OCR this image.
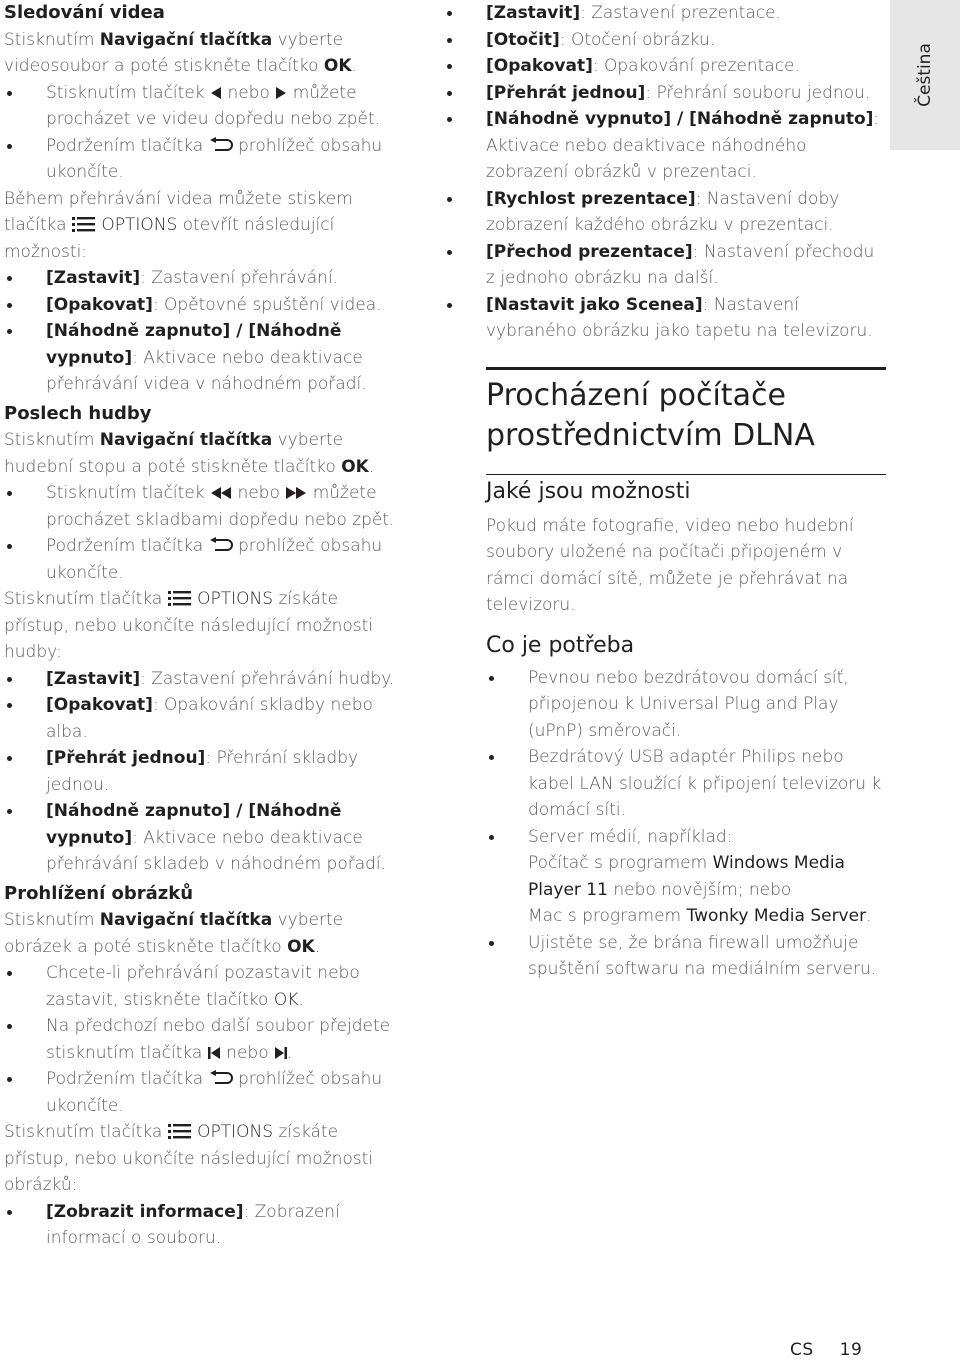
Sledování videa
Stisknutím Navigační tlačítka vyberte videosoubor a poté stiskněte tlačítko OK.
Stisknutím tlačítek nebo můžete procházet ve videu dopředu nebo zpět.
Podržením tlačítka prohlížeč obsahu ukončíte.
Během přehrávání videa můžete stiskem tlačítka OPTIONS otevřít následující možnosti:
[Zastavit]: Zastavení přehrávání.
[Opakovat]: Opětovné spuštění videa.
[Náhodně zapnuto] / [Náhodně vypnuto]: Aktivace nebo deaktivace přehrávání videa v náhodném pořadí.
Poslech hudby
Stisknutím Navigační tlačítka vyberte hudební stopu a poté stiskněte tlačítko OK.
Stisknutím tlačítek nebo můžete procházet skladbami dopředu nebo zpět.
Podržením tlačítka prohlížeč obsahu ukončíte.
Stisknutím tlačítka OPTIONS získáte přístup, nebo ukončíte následující možnosti hudby:
[Zastavit]: Zastavení přehrávání hudby.
[Opakovat]: Opakování skladby nebo alba.
[Přehrát jednou]: Přehrání skladby jednou.
[Náhodně zapnuto] / [Náhodně vypnuto]: Aktivace nebo deaktivace přehrávání skladeb v náhodném pořadí.
Prohlížení obrázků
Stisknutím Navigační tlačítka vyberte obrázek a poté stiskněte tlačítko OK.
Chcete-li přehrávání pozastavit nebo zastavit, stiskněte tlačítko OK.
Na předchozí nebo další soubor přejdete stisknutím tlačítka nebo .
Podržením tlačítka prohlížeč obsahu ukončíte.
Stisknutím tlačítka OPTIONS získáte přístup, nebo ukončíte následující možnosti obrázků:
[Zobrazit informace]: Zobrazení informací o souboru.
[Zastavit]: Zastavení prezentace.
[Otočit]: Otočení obrázku.
[Opakovat]: Opakování prezentace.
[Přehrát jednou]: Přehrání souboru jednou.
[Náhodně vypnuto] / [Náhodně zapnuto]: Aktivace nebo deaktivace náhodného zobrazení obrázků v prezentaci.
[Rychlost prezentace]: Nastavení doby zobrazení každého obrázku v prezentaci.
[Přechod prezentace]: Nastavení přechodu z jednoho obrázku na další.
[Nastavit jako Scenea]: Nastavení vybraného obrázku jako tapetu na televizoru.
Procházení počítače prostřednictvím DLNA
Jaké jsou možnosti
Pokud máte fotografie, video nebo hudební soubory uložené na počítači připojeném v rámci domácí sítě, můžete je přehrávat na televizoru.
Co je potřeba
Pevnou nebo bezdrátovou domácí síť, připojenou k Universal Plug and Play (uPnP) směrovači.
Bezdrátový USB adaptér Philips nebo kabel LAN sloužící k připojení televizoru k domácí síti.
Server médií, například:
Počítač s programem Windows Media Player 11 nebo novějším; nebo
Mac s programem Twonky Media Server.
Ujistěte se, že brána firewall umožňuje spuštění softwaru na mediálním serveru.
Čeština
CS 19
